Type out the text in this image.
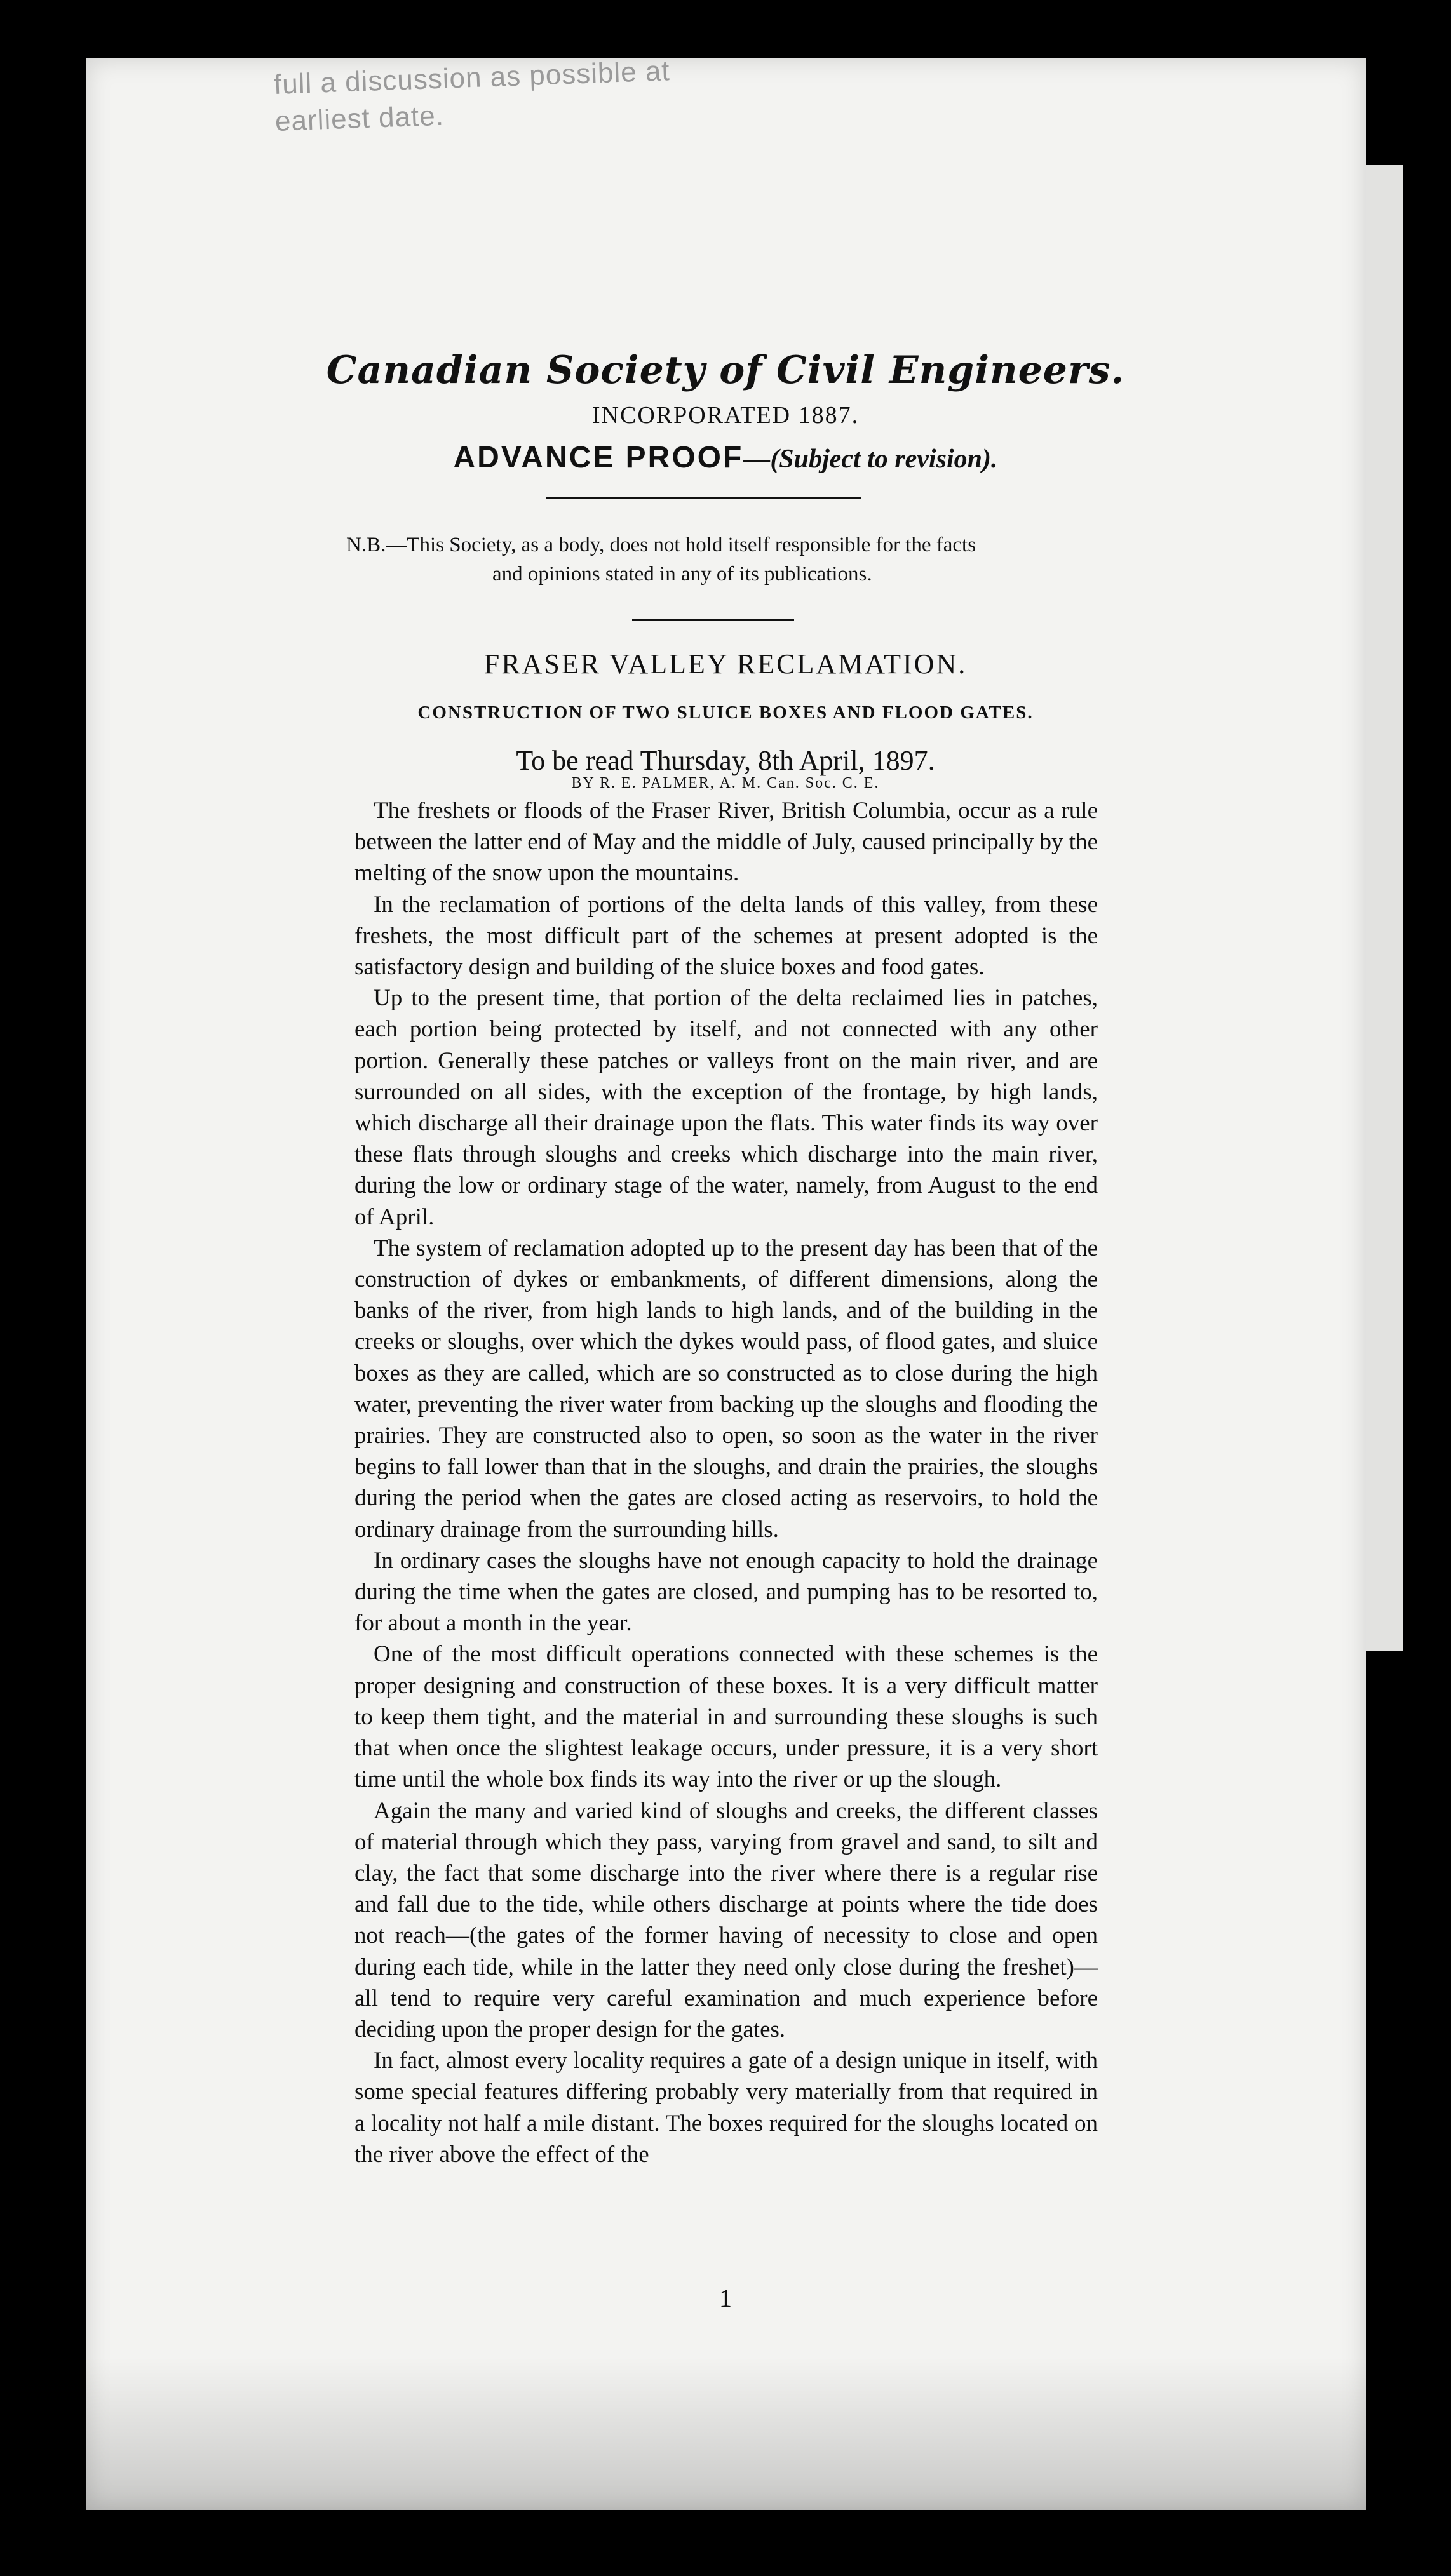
full a discussion as possible at
earliest date.
Canadian Society of Civil Engineers.
INCORPORATED 1887.
ADVANCE PROOF—(Subject to revision).
N.B.—This Society, as a body, does not hold itself responsible for the facts
and opinions stated in any of its publications.
FRASER VALLEY RECLAMATION.
CONSTRUCTION OF TWO SLUICE BOXES AND FLOOD GATES.
To be read Thursday, 8th April, 1897.
BY R. E. PALMER, A. M. Can. Soc. C. E.

The freshets or floods of the Fraser River, British Columbia, occur as a rule between the latter end of May and the middle of July, caused principally by the melting of the snow upon the mountains.

In the reclamation of portions of the delta lands of this valley, from these freshets, the most difficult part of the schemes at present adopted is the satisfactory design and building of the sluice boxes and food gates.

Up to the present time, that portion of the delta reclaimed lies in patches, each portion being protected by itself, and not connected with any other portion. Generally these patches or valleys front on the main river, and are surrounded on all sides, with the exception of the frontage, by high lands, which discharge all their drainage upon the flats. This water finds its way over these flats through sloughs and creeks which discharge into the main river, during the low or ordinary stage of the water, namely, from August to the end of April.

The system of reclamation adopted up to the present day has been that of the construction of dykes or embankments, of different dimensions, along the banks of the river, from high lands to high lands, and of the building in the creeks or sloughs, over which the dykes would pass, of flood gates, and sluice boxes as they are called, which are so constructed as to close during the high water, preventing the river water from backing up the sloughs and flooding the prairies. They are constructed also to open, so soon as the water in the river begins to fall lower than that in the sloughs, and drain the prairies, the sloughs during the period when the gates are closed acting as reservoirs, to hold the ordinary drainage from the surrounding hills.

In ordinary cases the sloughs have not enough capacity to hold the drainage during the time when the gates are closed, and pumping has to be resorted to, for about a month in the year.

One of the most difficult operations connected with these schemes is the proper designing and construction of these boxes. It is a very difficult matter to keep them tight, and the material in and surrounding these sloughs is such that when once the slightest leakage occurs, under pressure, it is a very short time until the whole box finds its way into the river or up the slough.

Again the many and varied kind of sloughs and creeks, the different classes of material through which they pass, varying from gravel and sand, to silt and clay, the fact that some discharge into the river where there is a regular rise and fall due to the tide, while others discharge at points where the tide does not reach—(the gates of the former having of necessity to close and open during each tide, while in the latter they need only close during the freshet)—all tend to require very careful examination and much experience before deciding upon the proper design for the gates.

In fact, almost every locality requires a gate of a design unique in itself, with some special features differing probably very materially from that required in a locality not half a mile distant. The boxes required for the sloughs located on the river above the effect of the

1
